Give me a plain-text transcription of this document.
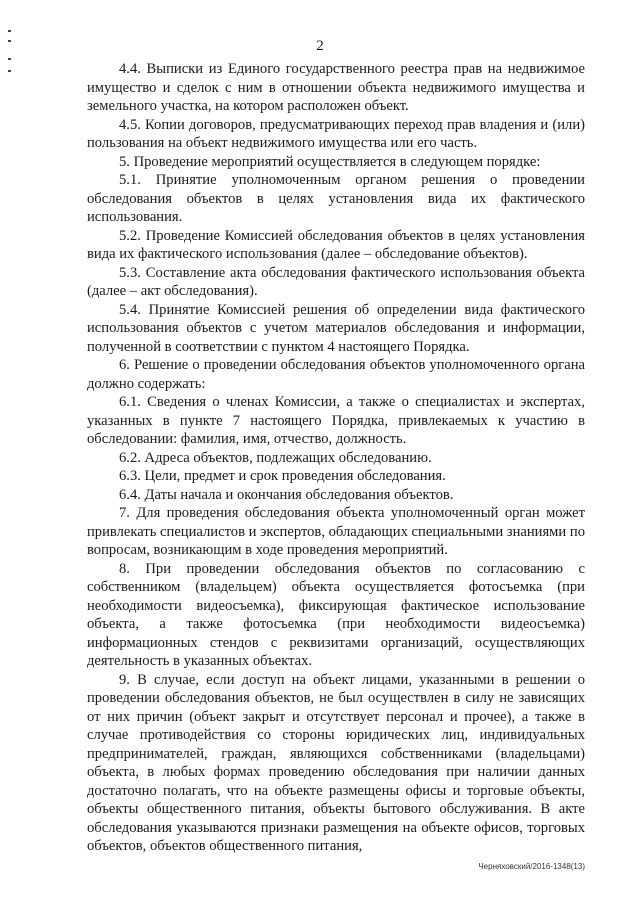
2

4.4. Выписки из Единого государственного реестра прав на недвижимое имущество и сделок с ним в отношении объекта недвижимого имущества и земельного участка, на котором расположен объект.

4.5. Копии договоров, предусматривающих переход прав владения и (или) пользования на объект недвижимого имущества или его часть.

5. Проведение мероприятий осуществляется в следующем порядке:

5.1. Принятие уполномоченным органом решения о проведении обследования объектов в целях установления вида их фактического использования.

5.2. Проведение Комиссией обследования объектов в целях установления вида их фактического использования (далее – обследование объектов).

5.3. Составление акта обследования фактического использования объекта (далее – акт обследования).

5.4. Принятие Комиссией решения об определении вида фактического использования объектов с учетом материалов обследования и информации, полученной в соответствии с пунктом 4 настоящего Порядка.

6. Решение о проведении обследования объектов уполномоченного органа должно содержать:

6.1. Сведения о членах Комиссии, а также о специалистах и экспертах, указанных в пункте 7 настоящего Порядка, привлекаемых к участию в обследовании: фамилия, имя, отчество, должность.

6.2. Адреса объектов, подлежащих обследованию.

6.3. Цели, предмет и срок проведения обследования.

6.4. Даты начала и окончания обследования объектов.

7. Для проведения обследования объекта уполномоченный орган может привлекать специалистов и экспертов, обладающих специальными знаниями по вопросам, возникающим в ходе проведения мероприятий.

8. При проведении обследования объектов по согласованию с собственником (владельцем) объекта осуществляется фотосъемка (при необходимости видеосъемка), фиксирующая фактическое использование объекта, а также фотосъемка (при необходимости видеосъемка) информационных стендов с реквизитами организаций, осуществляющих деятельность в указанных объектах.

9. В случае, если доступ на объект лицами, указанными в решении о проведении обследования объектов, не был осуществлен в силу не зависящих от них причин (объект закрыт и отсутствует персонал и прочее), а также в случае противодействия со стороны юридических лиц, индивидуальных предпринимателей, граждан, являющихся собственниками (владельцами) объекта, в любых формах проведению обследования при наличии данных достаточно полагать, что на объекте размещены офисы и торговые объекты, объекты общественного питания, объекты бытового обслуживания. В акте обследования указываются признаки размещения на объекте офисов, торговых объектов, объектов общественного питания,

Черняховский/2016-1348(13)
